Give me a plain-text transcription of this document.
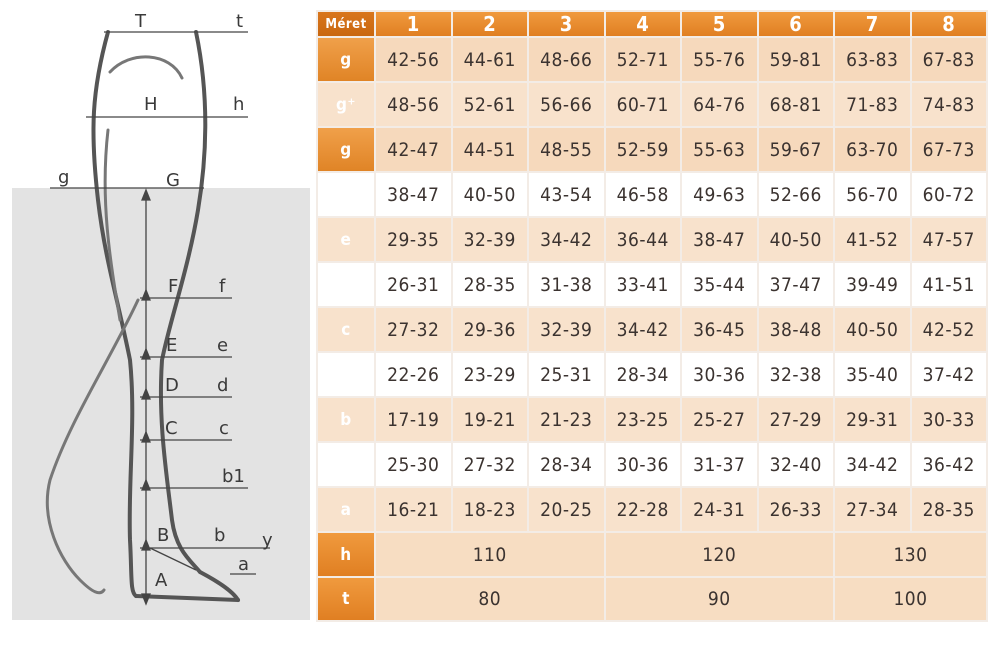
T
H
g	G
F
E
D
C
B
A
t
h
f
e
d
c
b1
b y
a
Méret	1	2	3	4	5	6	7	8
g	42-56	44-61	48-66	52-71	55-76	59-81	63-83	67-83
g⁺	48-56	52-61	56-66	60-71	64-76	68-81	71-83	74-83
g	42-47	44-51	48-55	52-59	55-63	59-67	63-70	67-73
f	38-47	40-50	43-54	46-58	49-63	52-66	56-70	60-72
e	29-35	32-39	34-42	36-44	38-47	40-50	41-52	47-57
d	26-31	28-35	31-38	33-41	35-44	37-47	39-49	41-51
c	27-32	29-36	32-39	34-42	36-45	38-48	40-50	42-52
b1	22-26	23-29	25-31	28-34	30-36	32-38	35-40	37-42
b	17-19	19-21	21-23	23-25	25-27	27-29	29-31	30-33
y	25-30	27-32	28-34	30-36	31-37	32-40	34-42	36-42
a	16-21	18-23	20-25	22-28	24-31	26-33	27-34	28-35
h	110			120			130	
t	80			90			100	
